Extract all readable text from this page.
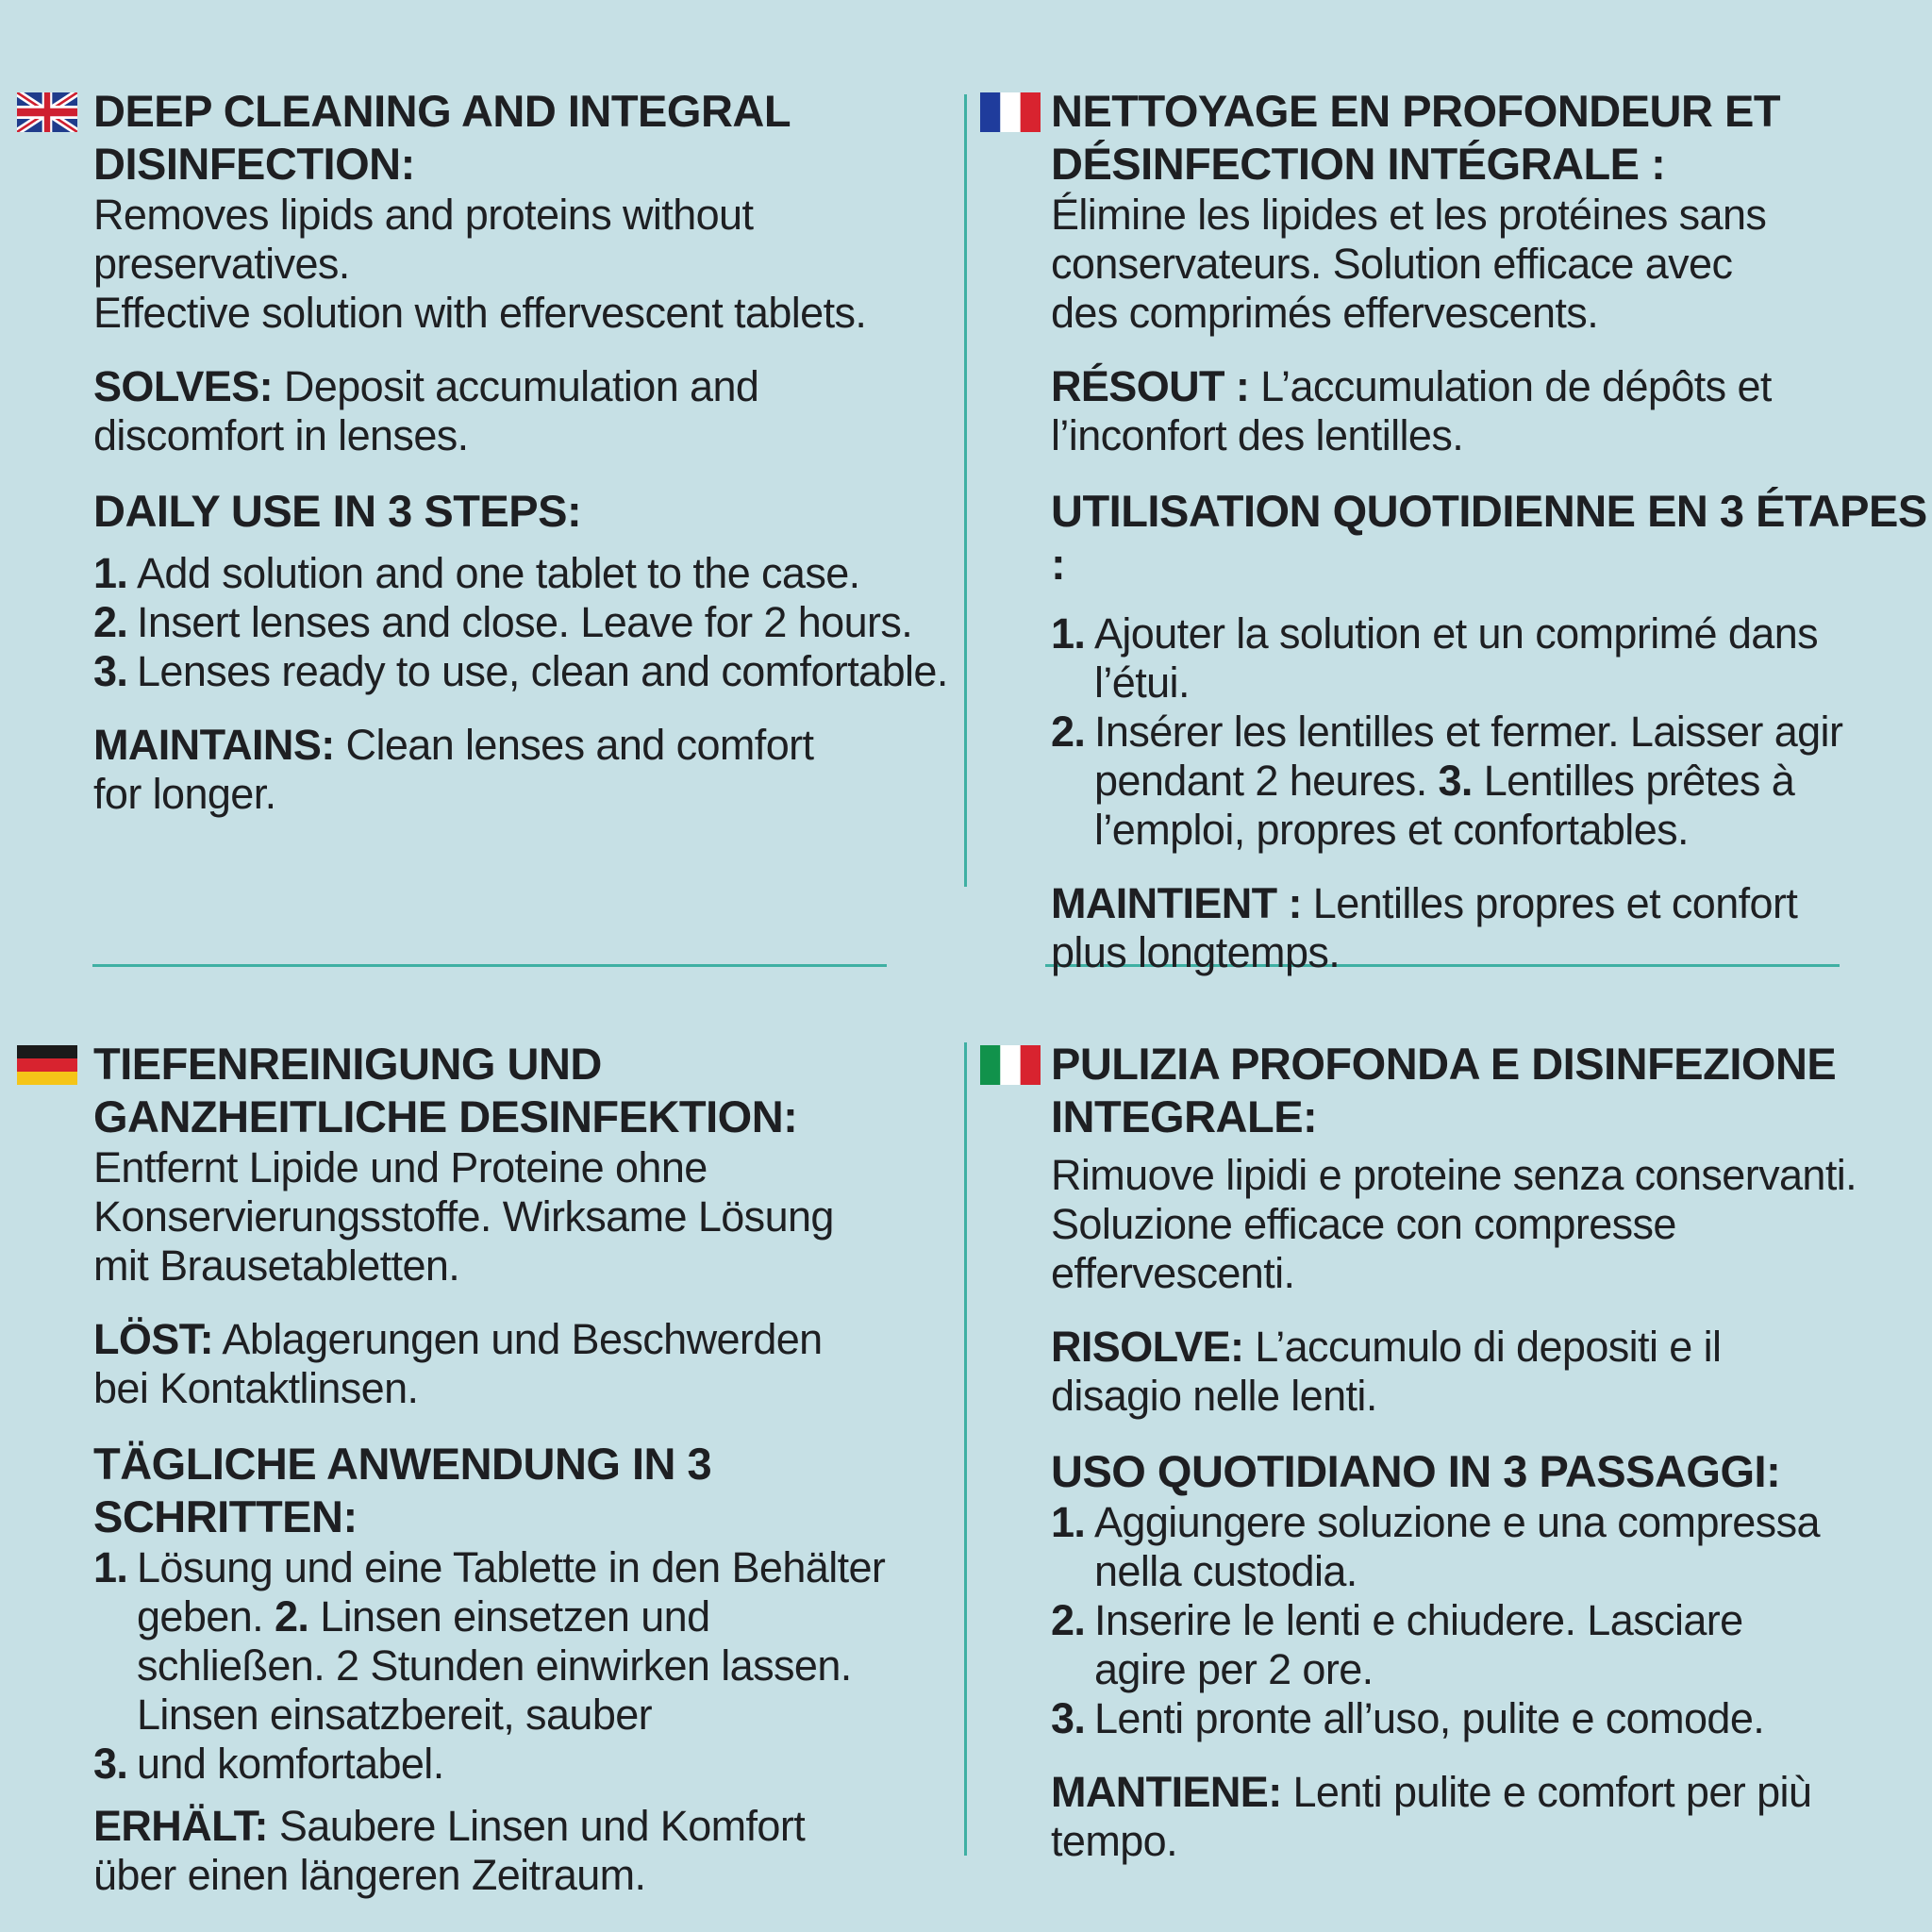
DEEP CLEANING AND INTEGRAL DISINFECTION:

Removes lipids and proteins without preservatives.
Effective solution with effervescent tablets.

SOLVES: Deposit accumulation and discomfort in lenses.

DAILY USE IN 3 STEPS:
1. Add solution and one tablet to the case.
2. Insert lenses and close. Leave for 2 hours.
3. Lenses ready to use, clean and comfortable.

MAINTAINS: Clean lenses and comfort for longer.

NETTOYAGE EN PROFONDEUR ET DÉSINFECTION INTÉGRALE :

Élimine les lipides et les protéines sans conservateurs. Solution efficace avec des comprimés effervescents.

RÉSOUT : L’accumulation de dépôts et l’inconfort des lentilles.

UTILISATION QUOTIDIENNE EN 3 ÉTAPES :
1. Ajouter la solution et un comprimé dans l’étui.
2. Insérer les lentilles et fermer. Laisser agir pendant 2 heures. 3. Lentilles prêtes à l’emploi, propres et confortables.

MAINTIENT : Lentilles propres et confort plus longtemps.

TIEFENREINIGUNG UND GANZHEITLICHE DESINFEKTION:

Entfernt Lipide und Proteine ohne Konservierungsstoffe. Wirksame Lösung mit Brausetabletten.

LÖST: Ablagerungen und Beschwerden bei Kontaktlinsen.

TÄGLICHE ANWENDUNG IN 3 SCHRITTEN:
1. Lösung und eine Tablette in den Behälter geben. 2. Linsen einsetzen und schließen. 2 Stunden einwirken lassen.
3.Linsen einsatzbereit, sauber und komfortabel.

ERHÄLT: Saubere Linsen und Komfort über einen längeren Zeitraum.

PULIZIA PROFONDA E DISINFEZIONE INTEGRALE:

Rimuove lipidi e proteine senza conservanti. Soluzione efficace con compresse effervescenti.

RISOLVE: L’accumulo di depositi e il disagio nelle lenti.

USO QUOTIDIANO IN 3 PASSAGGI:
1. Aggiungere soluzione e una compressa nella custodia.
2. Inserire le lenti e chiudere. Lasciare agire per 2 ore.
3. Lenti pronte all’uso, pulite e comode.

MANTIENE: Lenti pulite e comfort per più tempo.
